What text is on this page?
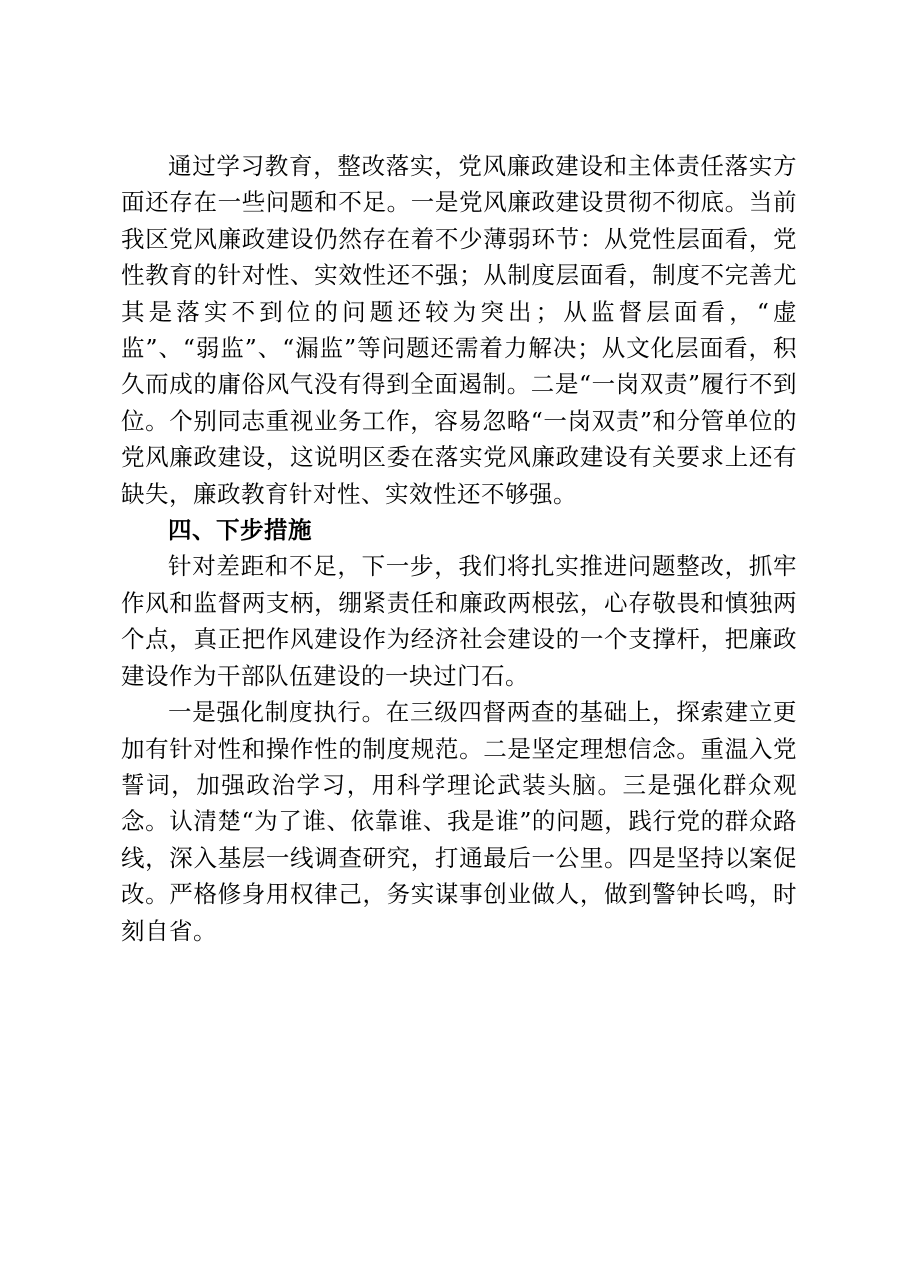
通过学习教育，整改落实，党风廉政建设和主体责任落实方面还存在一些问题和不足。一是党风廉政建设贯彻不彻底。当前我区党风廉政建设仍然存在着不少薄弱环节：从党性层面看，党性教育的针对性、实效性还不强；从制度层面看，制度不完善尤其是落实不到位的问题还较为突出；从监督层面看，“虚监”、“弱监”、“漏监”等问题还需着力解决；从文化层面看，积久而成的庸俗风气没有得到全面遏制。二是“一岗双责”履行不到位。个别同志重视业务工作，容易忽略“一岗双责”和分管单位的党风廉政建设，这说明区委在落实党风廉政建设有关要求上还有缺失，廉政教育针对性、实效性还不够强。

四、下步措施

针对差距和不足，下一步，我们将扎实推进问题整改，抓牢作风和监督两支柄，绷紧责任和廉政两根弦，心存敬畏和慎独两个点，真正把作风建设作为经济社会建设的一个支撑杆，把廉政建设作为干部队伍建设的一块过门石。

一是强化制度执行。在三级四督两查的基础上，探索建立更加有针对性和操作性的制度规范。二是坚定理想信念。重温入党誓词，加强政治学习，用科学理论武装头脑。三是强化群众观念。认清楚“为了谁、依靠谁、我是谁”的问题，践行党的群众路线，深入基层一线调查研究，打通最后一公里。四是坚持以案促改。严格修身用权律己，务实谋事创业做人，做到警钟长鸣，时刻自省。
